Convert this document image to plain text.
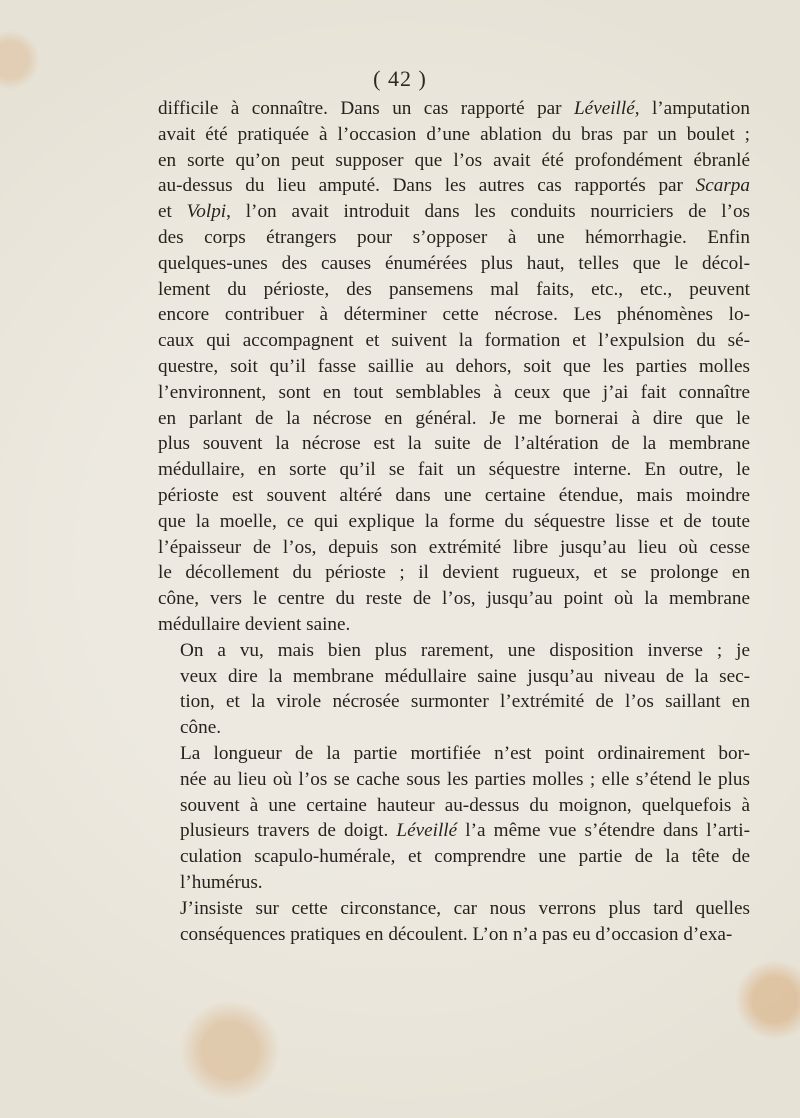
( 42 )

difficile à connaître. Dans un cas rapporté par Léveillé, l’amputation
avait été pratiquée à l’occasion d’une ablation du bras par un boulet ;
en sorte qu’on peut supposer que l’os avait été profondément ébranlé
au-dessus du lieu amputé. Dans les autres cas rapportés par Scarpa
et Volpi, l’on avait introduit dans les conduits nourriciers de l’os
des corps étrangers pour s’opposer à une hémorrhagie. Enfin
quelques-unes des causes énumérées plus haut, telles que le décol-
lement du périoste, des pansemens mal faits, etc., etc., peuvent
encore contribuer à déterminer cette nécrose. Les phénomènes lo-
caux qui accompagnent et suivent la formation et l’expulsion du sé-
questre, soit qu’il fasse saillie au dehors, soit que les parties molles
l’environnent, sont en tout semblables à ceux que j’ai fait connaître
en parlant de la nécrose en général. Je me bornerai à dire que le
plus souvent la nécrose est la suite de l’altération de la membrane
médullaire, en sorte qu’il se fait un séquestre interne. En outre, le
périoste est souvent altéré dans une certaine étendue, mais moindre
que la moelle, ce qui explique la forme du séquestre lisse et de toute
l’épaisseur de l’os, depuis son extrémité libre jusqu’au lieu où cesse
le décollement du périoste ; il devient rugueux, et se prolonge en
cône, vers le centre du reste de l’os, jusqu’au point où la membrane
médullaire devient saine.

On a vu, mais bien plus rarement, une disposition inverse ; je
veux dire la membrane médullaire saine jusqu’au niveau de la sec-
tion, et la virole nécrosée surmonter l’extrémité de l’os saillant en
cône.

La longueur de la partie mortifiée n’est point ordinairement bor-
née au lieu où l’os se cache sous les parties molles ; elle s’étend le plus
souvent à une certaine hauteur au-dessus du moignon, quelquefois à
plusieurs travers de doigt. Léveillé l’a même vue s’étendre dans l’arti-
culation scapulo-humérale, et comprendre une partie de la tête de
l’humérus.

J’insiste sur cette circonstance, car nous verrons plus tard quelles
conséquences pratiques en découlent. L’on n’a pas eu d’occasion d’exa-
